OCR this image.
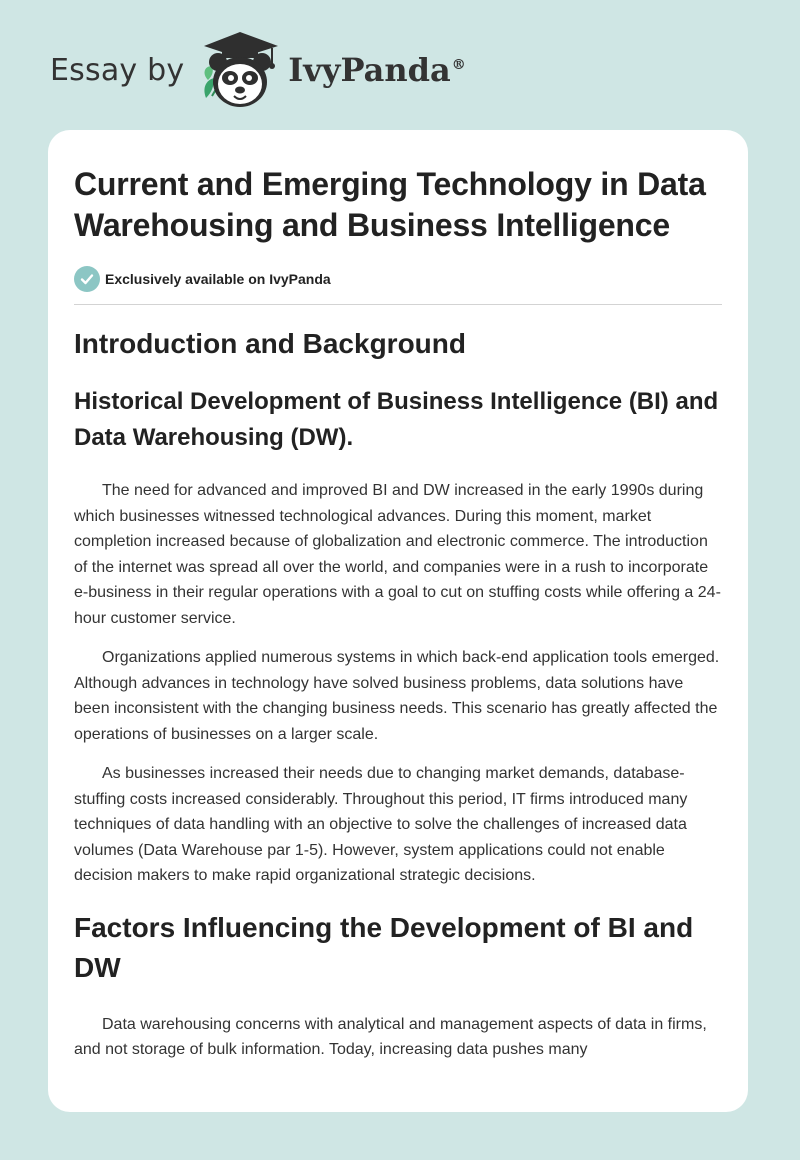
Essay by	IvyPanda®
Current and Emerging Technology in Data Warehousing and Business Intelligence
Exclusively available on IvyPanda
Introduction and Background
Historical Development of Business Intelligence (BI) and Data Warehousing (DW).

The need for advanced and improved BI and DW increased in the early 1990s during which businesses witnessed technological advances. During this moment, market completion increased because of globalization and electronic commerce. The introduction of the internet was spread all over the world, and companies were in a rush to incorporate e-business in their regular operations with a goal to cut on stuffing costs while offering a 24-hour customer service.

Organizations applied numerous systems in which back-end application tools emerged. Although advances in technology have solved business problems, data solutions have been inconsistent with the changing business needs. This scenario has greatly affected the operations of businesses on a larger scale.

As businesses increased their needs due to changing market demands, database-stuffing costs increased considerably. Throughout this period, IT firms introduced many techniques of data handling with an objective to solve the challenges of increased data volumes (Data Warehouse par 1-5). However, system applications could not enable decision makers to make rapid organizational strategic decisions.

Factors Influencing the Development of BI and DW

Data warehousing concerns with analytical and management aspects of data in firms, and not storage of bulk information. Today, increasing data pushes many
